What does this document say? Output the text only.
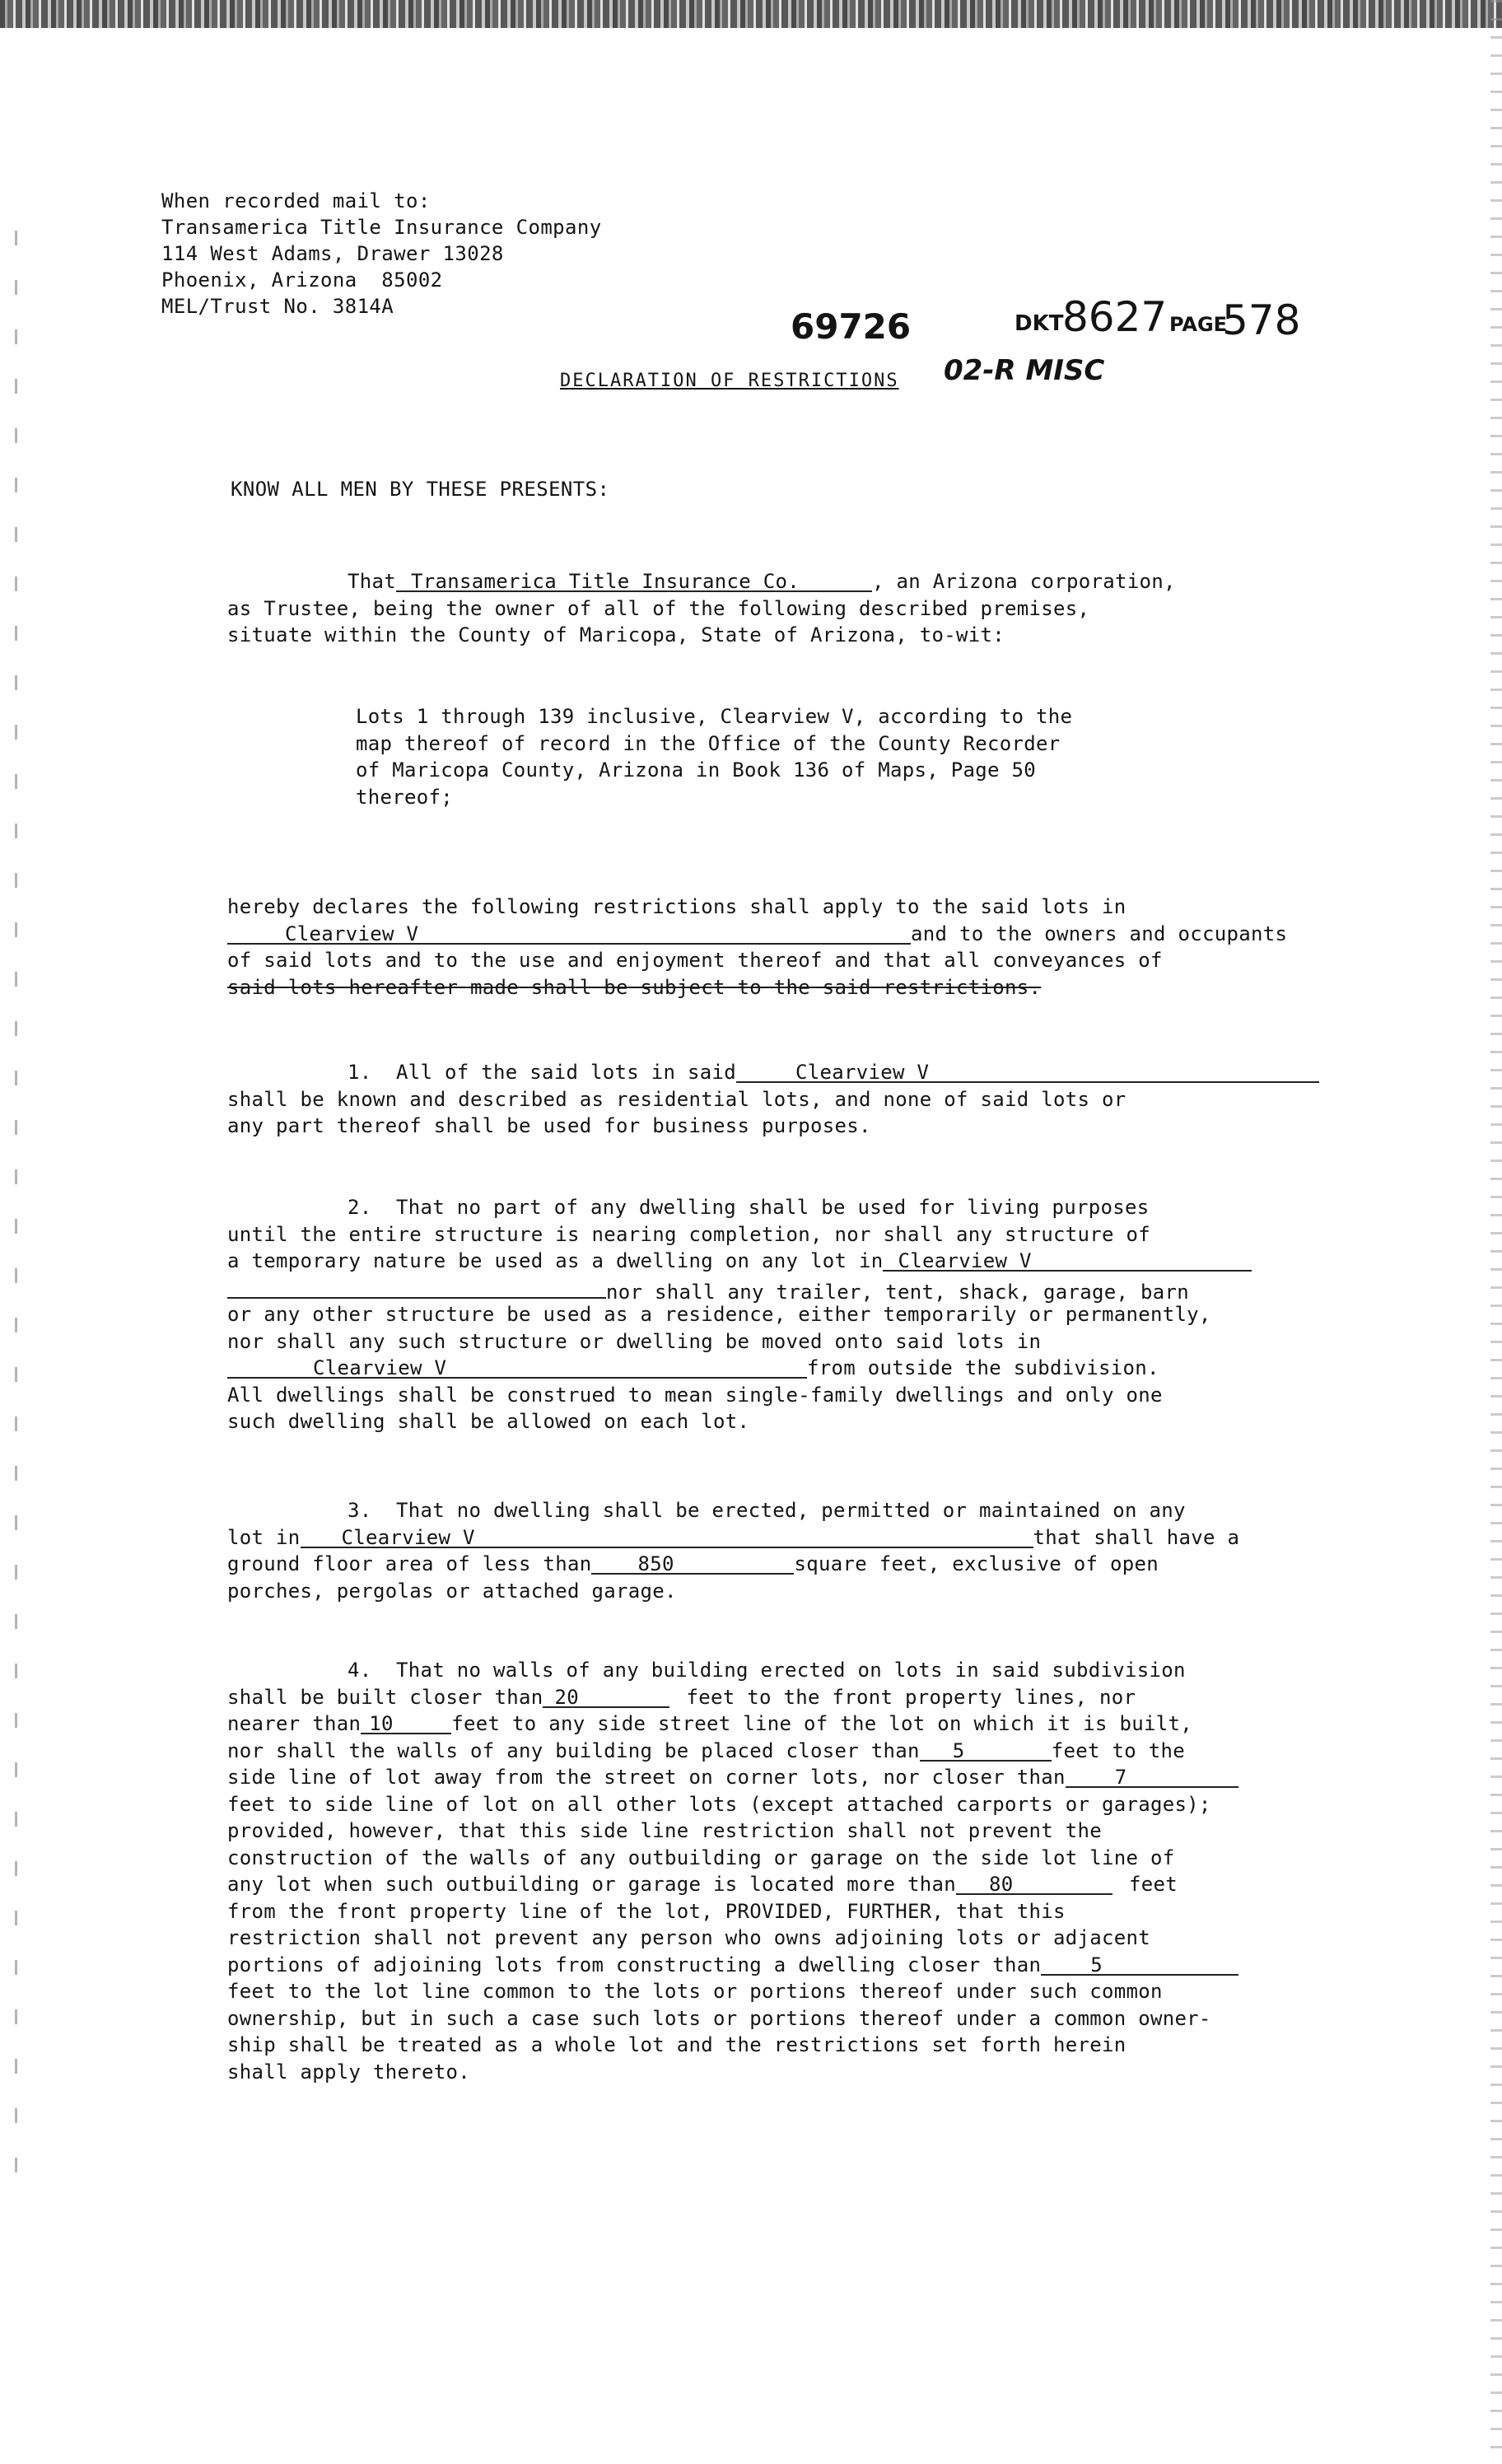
When recorded mail to:
Transamerica Title Insurance Company
114 West Adams, Drawer 13028
Phoenix, Arizona  85002
MEL/Trust No. 3814A	69726	DKT
8627 PAGE
578
02-R MISC
DECLARATION OF RESTRICTIONS
KNOW ALL MEN BY THESE PRESENTS:
That Transamerica Title Insurance Co.	, an Arizona corporation,
as Trustee, being the owner of all of the following described premises,
situate within the County of Maricopa, State of Arizona, to-wit:
Lots 1 through 139 inclusive, Clearview V, according to the
map thereof of record in the Office of the County Recorder
of Maricopa County, Arizona in Book 136 of Maps, Page 50
thereof;
hereby declares the following restrictions shall apply to the said lots in
Clearview V	and to the owners and occupants
of said lots and to the use and enjoyment thereof and that all conveyances of
said lots hereafter made shall be subject to the said restrictions.
1.  All of the said lots in said	Clearview V
shall be known and described as residential lots, and none of said lots or
any part thereof shall be used for business purposes.
2.  That no part of any dwelling shall be used for living purposes
until the entire structure is nearing completion, nor shall any structure of
a temporary nature be used as a dwelling on any lot in Clearview V
nor shall any trailer, tent, shack, garage, barn
or any other structure be used as a residence, either temporarily or permanently,
nor shall any such structure or dwelling be moved onto said lots in
Clearview V	from outside the subdivision.
All dwellings shall be construed to mean single-family dwellings and only one
such dwelling shall be allowed on each lot.
3.  That no dwelling shall be erected, permitted or maintained on any
lot in Clearview V	that shall have a
ground floor area of less than 850	square feet, exclusive of open
porches, pergolas or attached garage.
4.  That no walls of any building erected on lots in said subdivision
shall be built closer than 20	feet to the front property lines, nor
nearer than 10	feet to any side street line of the lot on which it is built,
nor shall the walls of any building be placed closer than 5	feet to the
side line of lot away from the street on corner lots, nor closer than	7
feet to side line of lot on all other lots (except attached carports or garages);
provided, however, that this side line restriction shall not prevent the
construction of the walls of any outbuilding or garage on the side lot line of
any lot when such outbuilding or garage is located more than 80	feet
from the front property line of the lot, PROVIDED, FURTHER, that this
restriction shall not prevent any person who owns adjoining lots or adjacent
portions of adjoining lots from constructing a dwelling closer than	5
feet to the lot line common to the lots or portions thereof under such common
ownership, but in such a case such lots or portions thereof under a common owner-
ship shall be treated as a whole lot and the restrictions set forth herein
shall apply thereto.
